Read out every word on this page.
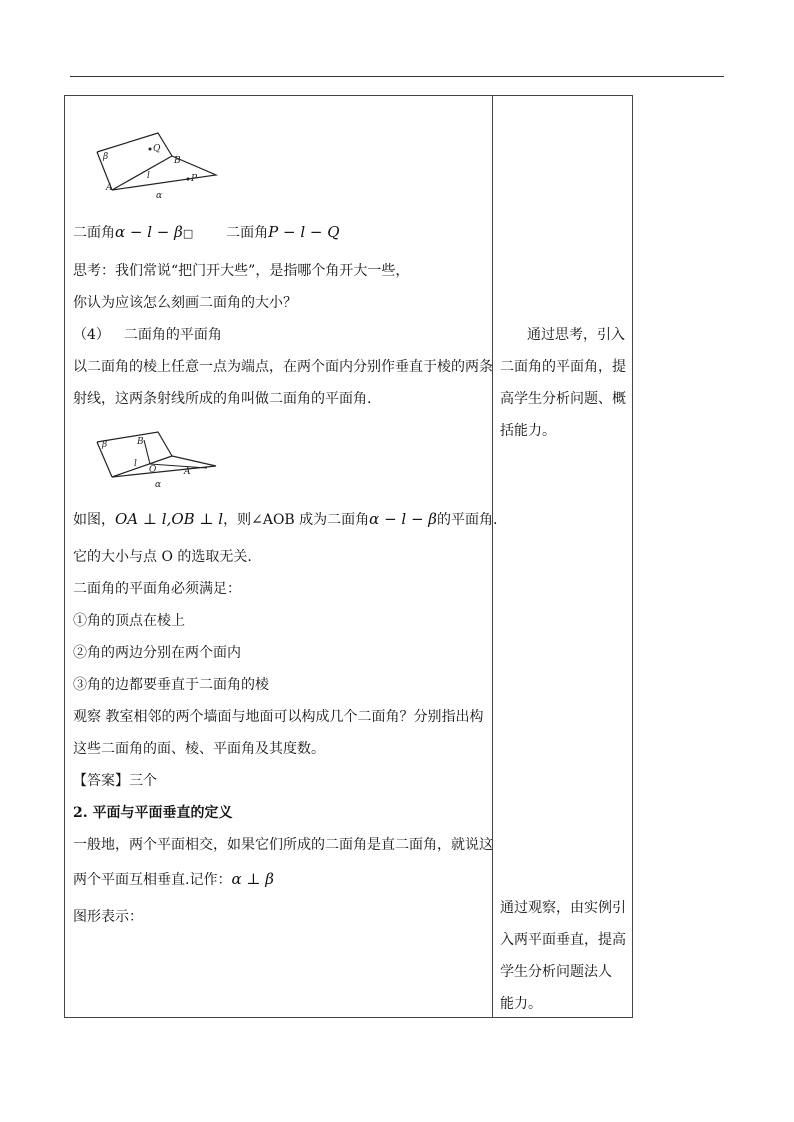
β
Q
B
A
l	P
α
二面角α − l − β□ 二面角P − l − Q
思考：我们常说“把门开大些”，是指哪个角开大一些，
你认为应该怎么刻画二面角的大小？
（4） 二面角的平面角
以二面角的棱上任意一点为端点，在两个面内分别作垂直于棱的两条
射线，这两条射线所成的角叫做二面角的平面角.
β	B
l
O	A
α
如图，OA ⊥ l,OB ⊥ l，则∠AOB 成为二面角α − l − β的平面角.
它的大小与点 O 的选取无关.
二面角的平面角必须满足：
①角的顶点在棱上
②角的两边分别在两个面内
③角的边都要垂直于二面角的棱
观察 教室相邻的两个墙面与地面可以构成几个二面角？分别指出构
这些二面角的面、棱、平面角及其度数。
【答案】三个
2. 平面与平面垂直的定义
一般地，两个平面相交，如果它们所成的二面角是直二面角，就说这
两个平面互相垂直.记作：α ⊥ β
图形表示：
通过思考，引入
二面角的平面角，提
高学生分析问题、概
括能力。
通过观察，由实例引
入两平面垂直，提高
学生分析问题法人
能力。
